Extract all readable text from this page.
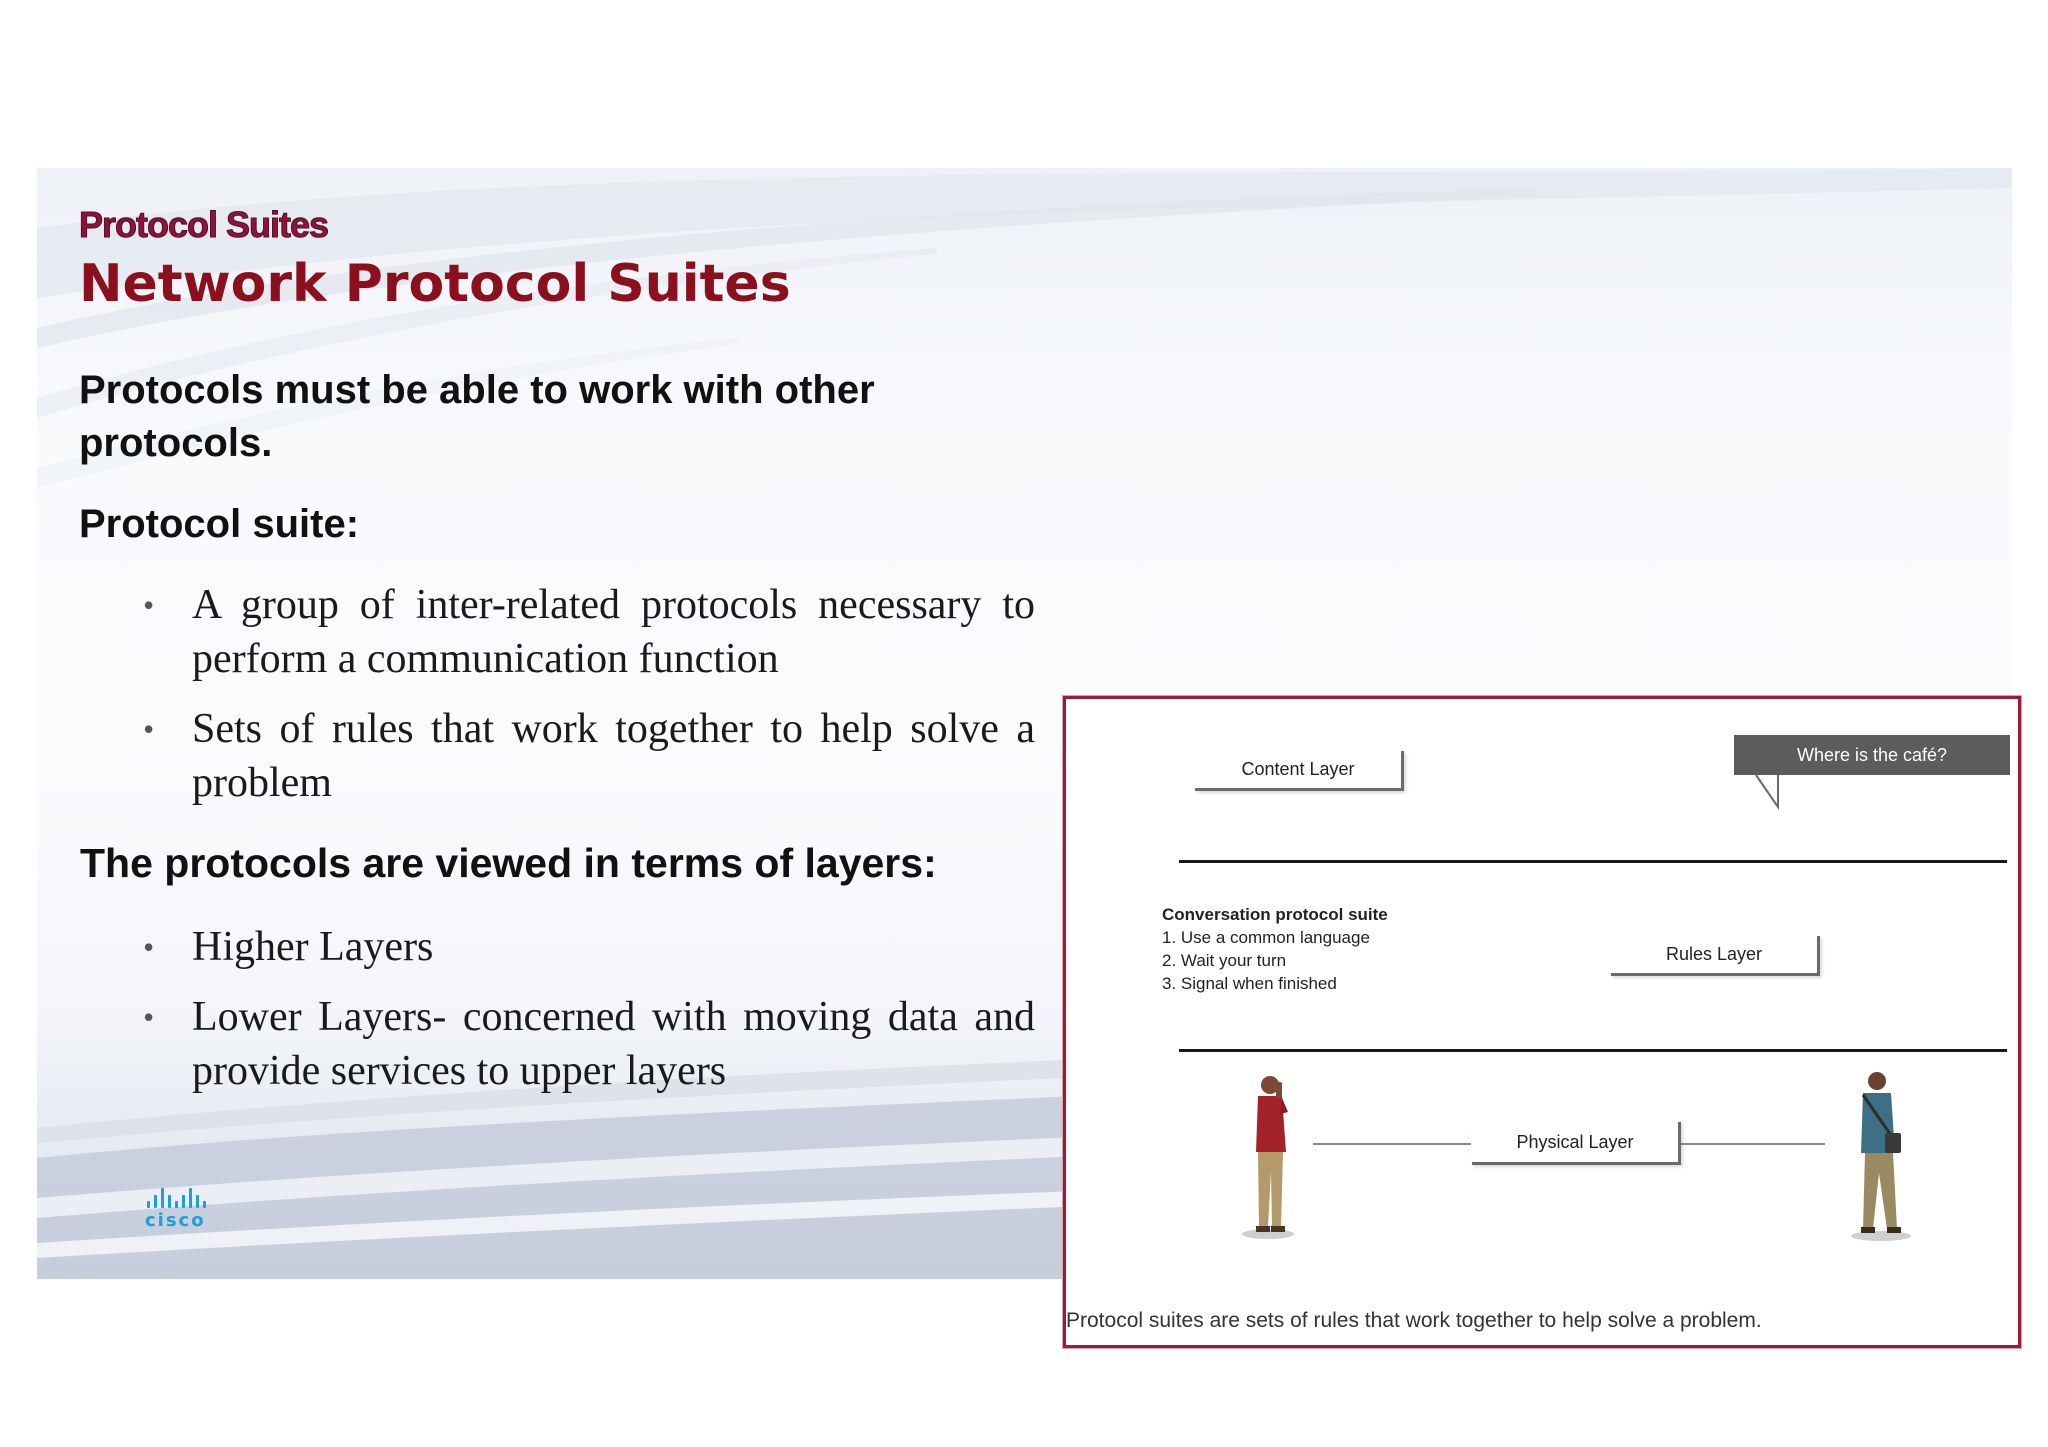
Protocol Suites
Network Protocol Suites

Protocols must be able to work with other protocols.

Protocol suite:
• A group of inter-related protocols necessary to perform a communication function
• Sets of rules that work together to help solve a problem
The protocols are viewed in terms of layers:
• Higher Layers
• Lower Layers- concerned with moving data and provide services to upper layers
cisco
Content Layer
Where is the café?
Conversation protocol suite
1. Use a common language
2. Wait your turn
3. Signal when finished
Rules Layer
Physical Layer
Protocol suites are sets of rules that work together to help solve a problem.
